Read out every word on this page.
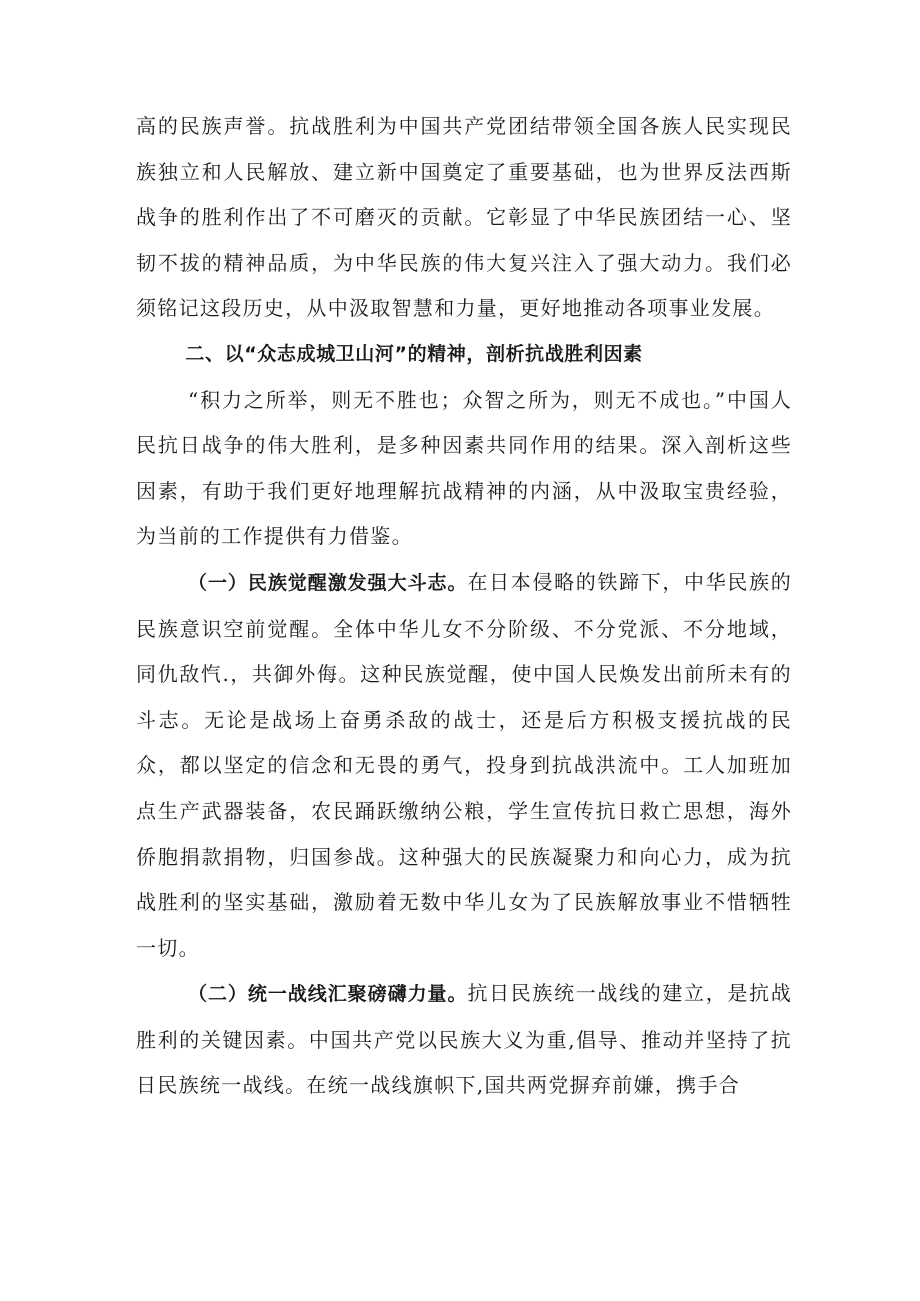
高的民族声誉。抗战胜利为中国共产党团结带领全国各族人民实现民族独立和人民解放、建立新中国奠定了重要基础，也为世界反法西斯战争的胜利作出了不可磨灭的贡献。它彰显了中华民族团结一心、坚韧不拔的精神品质，为中华民族的伟大复兴注入了强大动力。我们必须铭记这段历史，从中汲取智慧和力量，更好地推动各项事业发展。

二、以“众志成城卫山河”的精神，剖析抗战胜利因素

“积力之所举，则无不胜也；众智之所为，则无不成也。”中国人民抗日战争的伟大胜利，是多种因素共同作用的结果。深入剖析这些因素，有助于我们更好地理解抗战精神的内涵，从中汲取宝贵经验，为当前的工作提供有力借鉴。

（一）民族觉醒激发强大斗志。在日本侵略的铁蹄下，中华民族的民族意识空前觉醒。全体中华儿女不分阶级、不分党派、不分地域，同仇敌忾.，共御外侮。这种民族觉醒，使中国人民焕发出前所未有的斗志。无论是战场上奋勇杀敌的战士，还是后方积极支援抗战的民众，都以坚定的信念和无畏的勇气，投身到抗战洪流中。工人加班加点生产武器装备，农民踊跃缴纳公粮，学生宣传抗日救亡思想，海外侨胞捐款捐物，归国参战。这种强大的民族凝聚力和向心力，成为抗战胜利的坚实基础，激励着无数中华儿女为了民族解放事业不惜牺牲一切。

（二）统一战线汇聚磅礴力量。抗日民族统一战线的建立，是抗战胜利的关键因素。中国共产党以民族大义为重,倡导、推动并坚持了抗日民族统一战线。在统一战线旗帜下,国共两党摒弃前嫌，携手合
